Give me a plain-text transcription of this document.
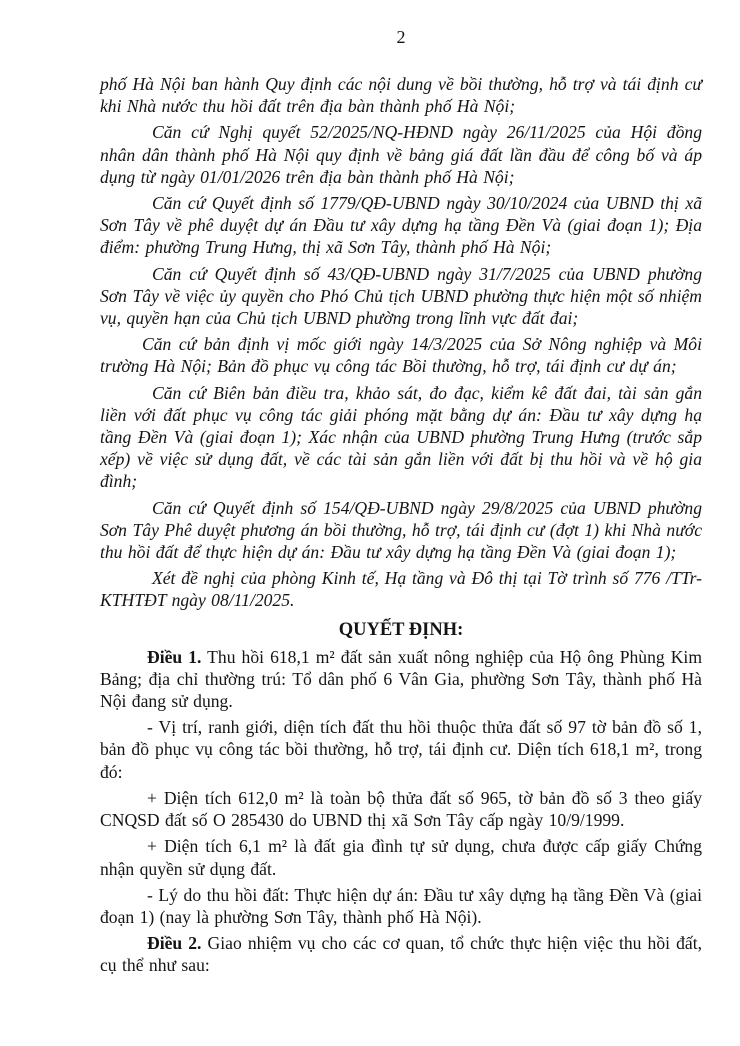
2

phố Hà Nội ban hành Quy định các nội dung về bồi thường, hỗ trợ và tái định cư khi Nhà nước thu hồi đất trên địa bàn thành phố Hà Nội;

Căn cứ Nghị quyết 52/2025/NQ-HĐND ngày 26/11/2025 của Hội đồng nhân dân thành phố Hà Nội quy định về bảng giá đất lần đầu để công bố và áp dụng từ ngày 01/01/2026 trên địa bàn thành phố Hà Nội;

Căn cứ Quyết định số 1779/QĐ-UBND ngày 30/10/2024 của UBND thị xã Sơn Tây về phê duyệt dự án Đầu tư xây dựng hạ tầng Đền Và (giai đoạn 1); Địa điểm: phường Trung Hưng, thị xã Sơn Tây, thành phố Hà Nội;

Căn cứ Quyết định số 43/QĐ-UBND ngày 31/7/2025 của UBND phường Sơn Tây về việc ủy quyền cho Phó Chủ tịch UBND phường thực hiện một số nhiệm vụ, quyền hạn của Chủ tịch UBND phường trong lĩnh vực đất đai;

Căn cứ bản định vị mốc giới ngày 14/3/2025 của Sở Nông nghiệp và Môi trường Hà Nội; Bản đồ phục vụ công tác Bồi thường, hỗ trợ, tái định cư dự án;

Căn cứ Biên bản điều tra, khảo sát, đo đạc, kiểm kê đất đai, tài sản gắn liền với đất phục vụ công tác giải phóng mặt bằng dự án: Đầu tư xây dựng hạ tầng Đền Và (giai đoạn 1); Xác nhận của UBND phường Trung Hưng (trước sắp xếp) về việc sử dụng đất, về các tài sản gắn liền với đất bị thu hồi và về hộ gia đình;

Căn cứ Quyết định số 154/QĐ-UBND ngày 29/8/2025 của UBND phường Sơn Tây Phê duyệt phương án bồi thường, hỗ trợ, tái định cư (đợt 1) khi Nhà nước thu hồi đất để thực hiện dự án: Đầu tư xây dựng hạ tầng Đền Và (giai đoạn 1);

Xét đề nghị của phòng Kinh tế, Hạ tầng và Đô thị tại Tờ trình số 776 /TTr-KTHTĐT ngày 08/11/2025.

QUYẾT ĐỊNH:

Điều 1. Thu hồi 618,1 m² đất sản xuất nông nghiệp của Hộ ông Phùng Kim Bảng; địa chỉ thường trú: Tổ dân phố 6 Vân Gia, phường Sơn Tây, thành phố Hà Nội đang sử dụng.

- Vị trí, ranh giới, diện tích đất thu hồi thuộc thửa đất số 97 tờ bản đồ số 1, bản đồ phục vụ công tác bồi thường, hỗ trợ, tái định cư. Diện tích 618,1 m², trong đó:

+ Diện tích 612,0 m² là toàn bộ thửa đất số 965, tờ bản đồ số 3 theo giấy CNQSD đất số O 285430 do UBND thị xã Sơn Tây cấp ngày 10/9/1999.

+ Diện tích 6,1 m² là đất gia đình tự sử dụng, chưa được cấp giấy Chứng nhận quyền sử dụng đất.

- Lý do thu hồi đất: Thực hiện dự án: Đầu tư xây dựng hạ tầng Đền Và (giai đoạn 1) (nay là phường Sơn Tây, thành phố Hà Nội).

Điều 2. Giao nhiệm vụ cho các cơ quan, tổ chức thực hiện việc thu hồi đất, cụ thể như sau:
